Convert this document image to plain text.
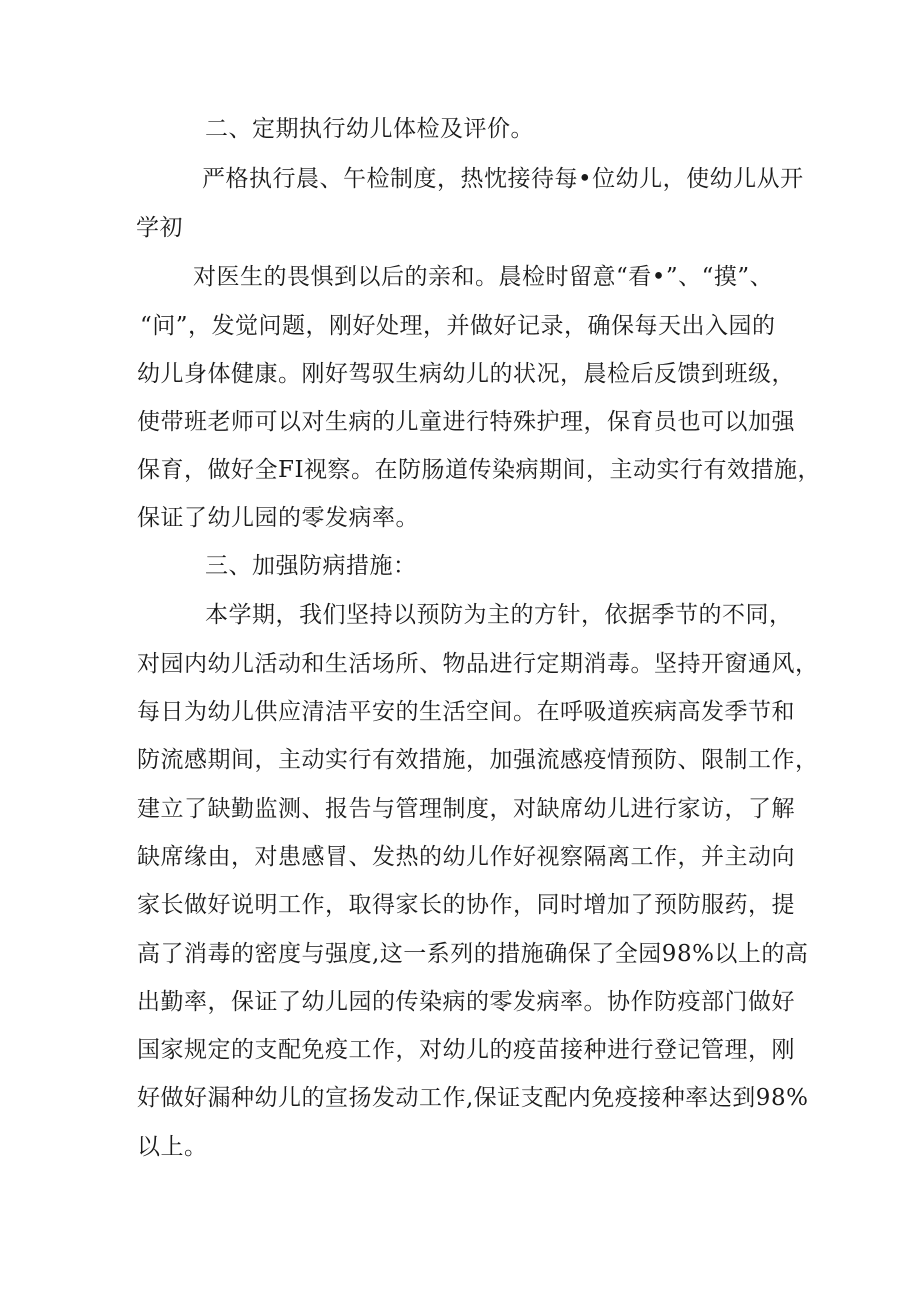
二、定期执行幼儿体检及评价。
严格执行晨、午检制度，热忱接待每•位幼儿，使幼儿从开
学初
对医生的畏惧到以后的亲和。晨检时留意“看•”、“摸”、
“问”，发觉问题，刚好处理，并做好记录，确保每天出入园的
幼儿身体健康。刚好驾驭生病幼儿的状况，晨检后反馈到班级，
使带班老师可以对生病的儿童进行特殊护理，保育员也可以加强
保育，做好全FI视察。在防肠道传染病期间，主动实行有效措施，
保证了幼儿园的零发病率。
三、加强防病措施：
本学期，我们坚持以预防为主的方针，依据季节的不同，
对园内幼儿活动和生活场所、物品进行定期消毒。坚持开窗通风，
每日为幼儿供应清洁平安的生活空间。在呼吸道疾病高发季节和
防流感期间，主动实行有效措施，加强流感疫情预防、限制工作，
建立了缺勤监测、报告与管理制度，对缺席幼儿进行家访，了解
缺席缘由，对患感冒、发热的幼儿作好视察隔离工作，并主动向
家长做好说明工作，取得家长的协作，同时增加了预防服药，提
高了消毒的密度与强度,这一系列的措施确保了全园98%以上的高
出勤率，保证了幼儿园的传染病的零发病率。协作防疫部门做好
国家规定的支配免疫工作，对幼儿的疫苗接种进行登记管理，刚
好做好漏种幼儿的宣扬发动工作,保证支配内免疫接种率达到98%
以上。
